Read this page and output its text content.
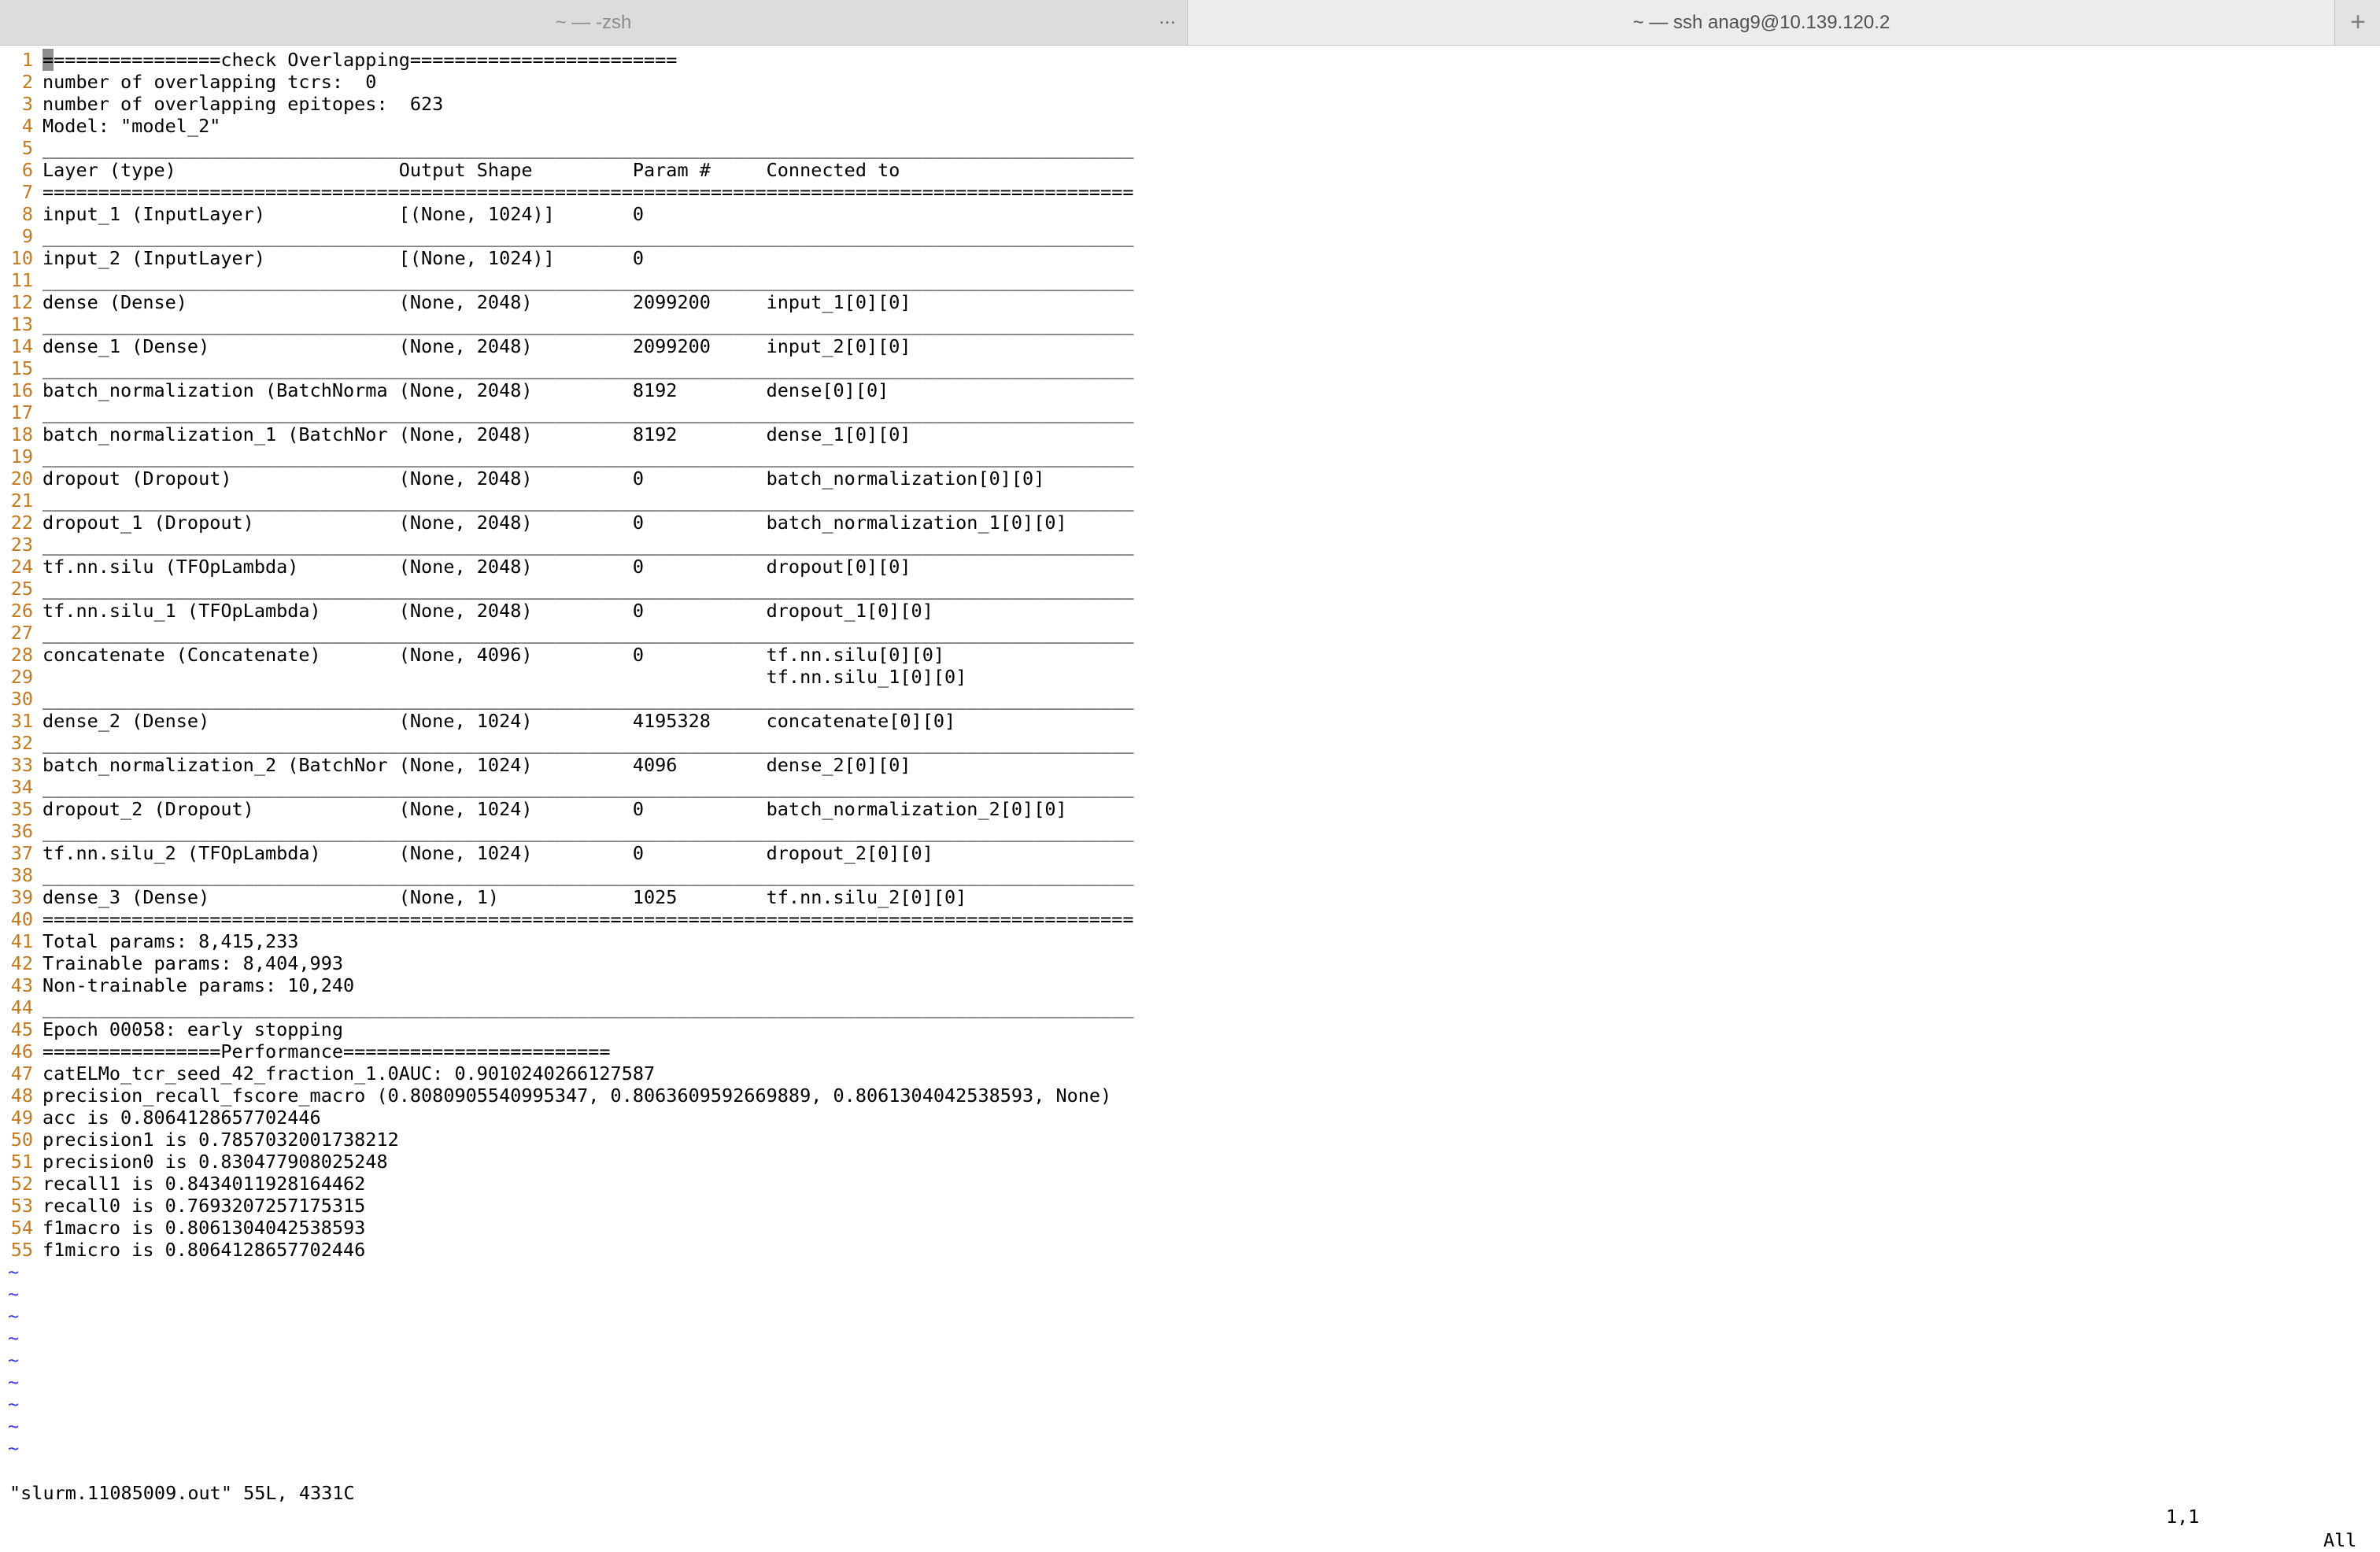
~ — -zsh	...	~ — ssh anag9@10.139.120.2	+
1 ================check Overlapping========================
2 number of overlapping tcrs:  0
3 number of overlapping epitopes:  623
4 Model: "model_2"
5 __________________________________________________________________________________________________
6 Layer (type)                    Output Shape         Param #     Connected to
7 ==================================================================================================
8 input_1 (InputLayer)            [(None, 1024)]       0
9 __________________________________________________________________________________________________
10 input_2 (InputLayer)            [(None, 1024)]       0
11 __________________________________________________________________________________________________
12 dense (Dense)                   (None, 2048)         2099200     input_1[0][0]
13 __________________________________________________________________________________________________
14 dense_1 (Dense)                 (None, 2048)         2099200     input_2[0][0]
15 __________________________________________________________________________________________________
16 batch_normalization (BatchNorma (None, 2048)         8192        dense[0][0]
17 __________________________________________________________________________________________________
18 batch_normalization_1 (BatchNor (None, 2048)         8192        dense_1[0][0]
19 __________________________________________________________________________________________________
20 dropout (Dropout)               (None, 2048)         0           batch_normalization[0][0]
21 __________________________________________________________________________________________________
22 dropout_1 (Dropout)             (None, 2048)         0           batch_normalization_1[0][0]
23 __________________________________________________________________________________________________
24 tf.nn.silu (TFOpLambda)         (None, 2048)         0           dropout[0][0]
25 __________________________________________________________________________________________________
26 tf.nn.silu_1 (TFOpLambda)       (None, 2048)         0           dropout_1[0][0]
27 __________________________________________________________________________________________________
28 concatenate (Concatenate)       (None, 4096)         0           tf.nn.silu[0][0]
29 tf.nn.silu_1[0][0]
30 __________________________________________________________________________________________________
31 dense_2 (Dense)                 (None, 1024)         4195328     concatenate[0][0]
32 __________________________________________________________________________________________________
33 batch_normalization_2 (BatchNor (None, 1024)         4096        dense_2[0][0]
34 __________________________________________________________________________________________________
35 dropout_2 (Dropout)             (None, 1024)         0           batch_normalization_2[0][0]
36 __________________________________________________________________________________________________
37 tf.nn.silu_2 (TFOpLambda)       (None, 1024)         0           dropout_2[0][0]
38 __________________________________________________________________________________________________
39 dense_3 (Dense)                 (None, 1)            1025        tf.nn.silu_2[0][0]
40 ==================================================================================================
41 Total params: 8,415,233
42 Trainable params: 8,404,993
43 Non-trainable params: 10,240
44 __________________________________________________________________________________________________
45 Epoch 00058: early stopping
46 ================Performance========================
47 catELMo_tcr_seed_42_fraction_1.0AUC: 0.9010240266127587
48 precision_recall_fscore_macro (0.8080905540995347, 0.8063609592669889, 0.8061304042538593, None)
49 acc is 0.8064128657702446
50 precision1 is 0.7857032001738212
51 precision0 is 0.830477908025248
52 recall1 is 0.8434011928164462
53 recall0 is 0.7693207257175315
54 f1macro is 0.8061304042538593
55 f1micro is 0.8064128657702446
~
~
~
~
~
~
~
~
~

"slurm.11085009.out" 55L, 4331C

1,1

All
